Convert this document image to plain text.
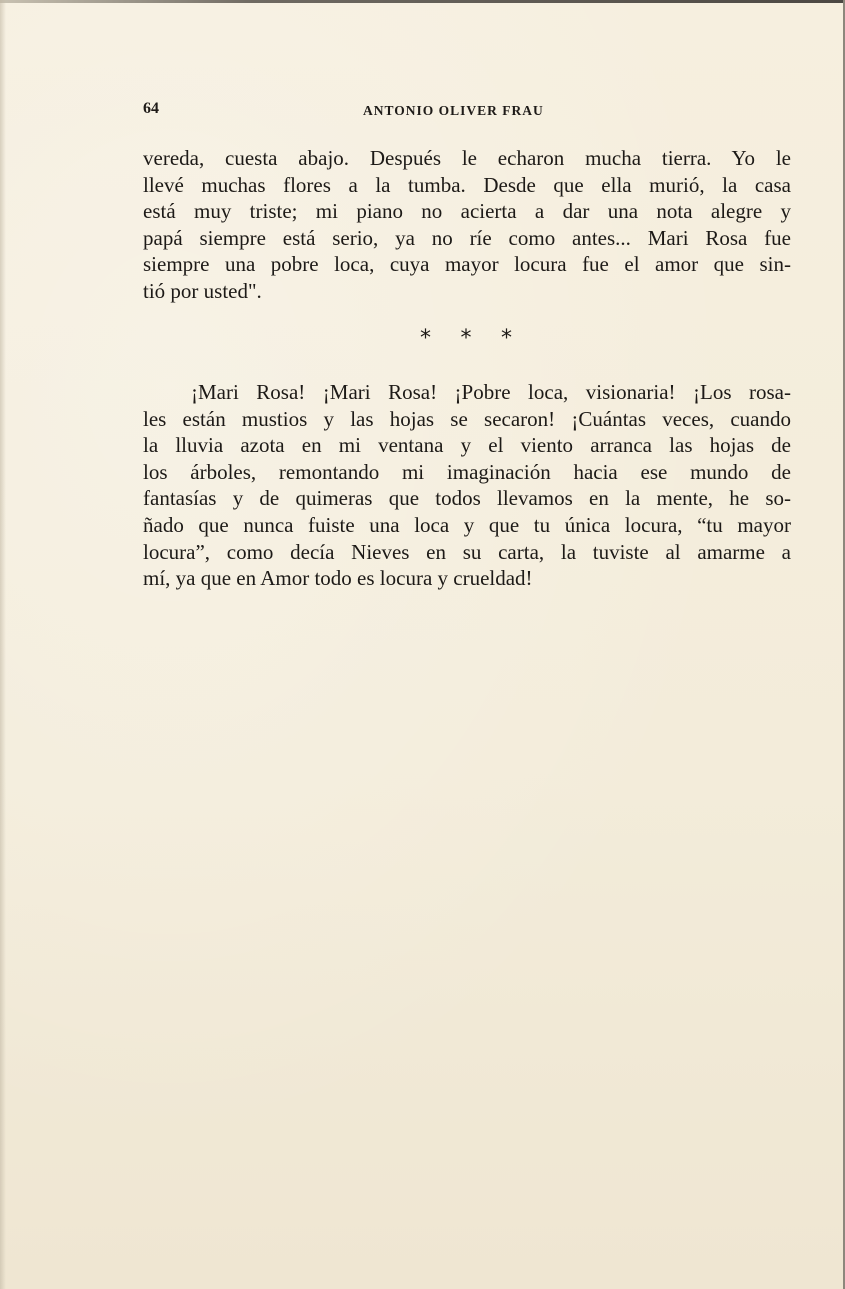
64	ANTONIO OLIVER FRAU
vereda, cuesta abajo. Después le echaron mucha tierra. Yo le
llevé muchas flores a la tumba. Desde que ella murió, la casa
está muy triste; mi piano no acierta a dar una nota alegre y
papá siempre está serio, ya no ríe como antes... Mari Rosa fue
siempre una pobre loca, cuya mayor locura fue el amor que sin-
tió por usted".
* * *
¡Mari Rosa! ¡Mari Rosa! ¡Pobre loca, visionaria! ¡Los rosa-
les están mustios y las hojas se secaron! ¡Cuántas veces, cuando
la lluvia azota en mi ventana y el viento arranca las hojas de
los árboles, remontando mi imaginación hacia ese mundo de
fantasías y de quimeras que todos llevamos en la mente, he so-
ñado que nunca fuiste una loca y que tu única locura, “tu mayor
locura”, como decía Nieves en su carta, la tuviste al amarme a
mí, ya que en Amor todo es locura y crueldad!
